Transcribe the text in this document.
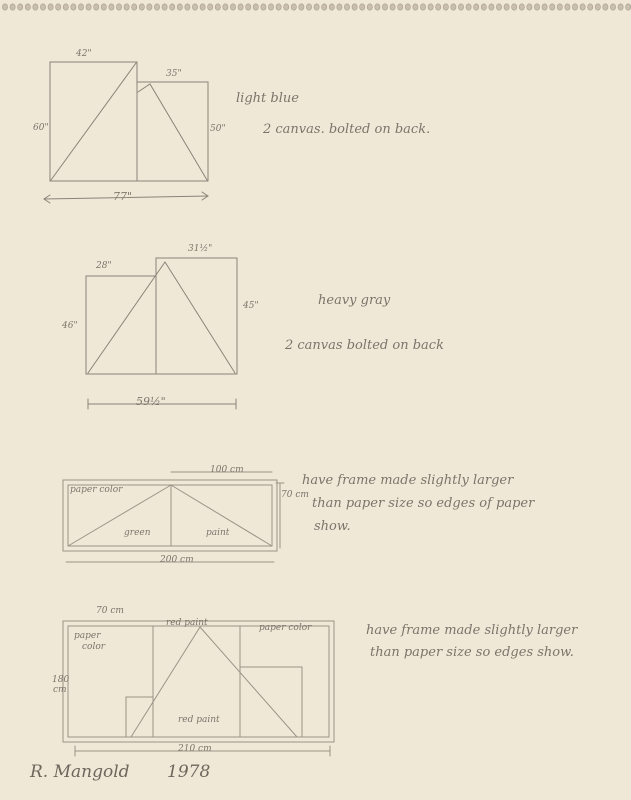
42"
35"
60"	50"
77"
light blue
2 canvas. bolted on back.
28"
31½"
46"
45"
59½"
heavy gray
2 canvas bolted on back
paper color
100 cm
70 cm
green	paint
200 cm
have frame made slightly larger
than paper size so edges of paper
show.
70 cm
paper
color
red paint	paper color
180
cm
red paint
210 cm
have frame made slightly larger
than paper size so edges show.
R. Mangold 1978
